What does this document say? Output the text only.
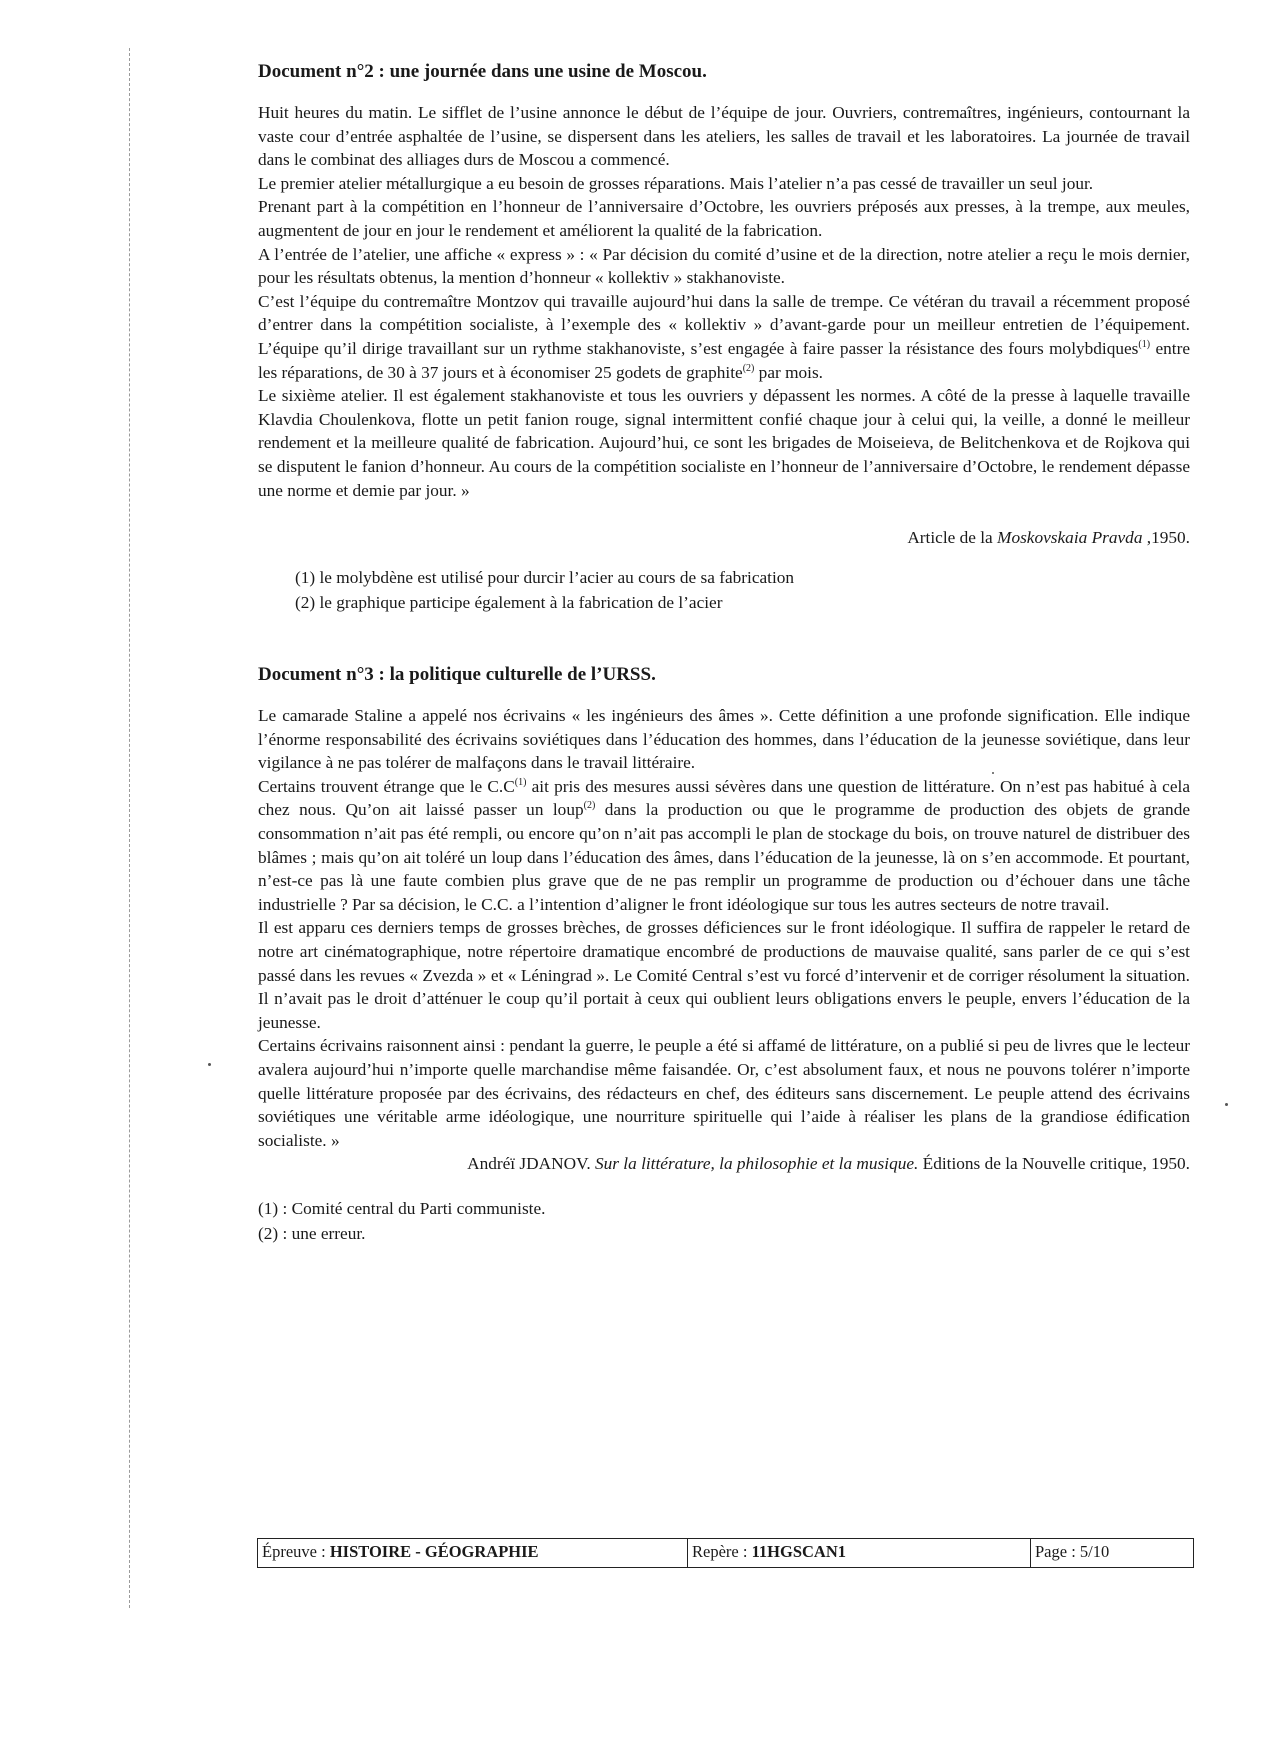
Document n°2 : une journée dans une usine de Moscou.

Huit heures du matin. Le sifflet de l’usine annonce le début de l’équipe de jour. Ouvriers, contremaîtres, ingénieurs, contournant la vaste cour d’entrée asphaltée de l’usine, se dispersent dans les ateliers, les salles de travail et les laboratoires. La journée de travail dans le combinat des alliages durs de Moscou a commencé.

Le premier atelier métallurgique a eu besoin de grosses réparations. Mais l’atelier n’a pas cessé de travailler un seul jour.

Prenant part à la compétition en l’honneur de l’anniversaire d’Octobre, les ouvriers préposés aux presses, à la trempe, aux meules, augmentent de jour en jour le rendement et améliorent la qualité de la fabrication.

A l’entrée de l’atelier, une affiche « express » : « Par décision du comité d’usine et de la direction, notre atelier a reçu le mois dernier, pour les résultats obtenus, la mention d’honneur « kollektiv » stakhanoviste.

C’est l’équipe du contremaître Montzov qui travaille aujourd’hui dans la salle de trempe. Ce vétéran du travail a récemment proposé d’entrer dans la compétition socialiste, à l’exemple des « kollektiv » d’avant-garde pour un meilleur entretien de l’équipement. L’équipe qu’il dirige travaillant sur un rythme stakhanoviste, s’est engagée à faire passer la résistance des fours molybdiques$^{(1)}$ entre les réparations, de 30 à 37 jours et à économiser 25 godets de graphite$^{(2)}$ par mois.

Le sixième atelier. Il est également stakhanoviste et tous les ouvriers y dépassent les normes. A côté de la presse à laquelle travaille Klavdia Choulenkova, flotte un petit fanion rouge, signal intermittent confié chaque jour à celui qui, la veille, a donné le meilleur rendement et la meilleure qualité de fabrication. Aujourd’hui, ce sont les brigades de Moiseieva, de Belitchenkova et de Rojkova qui se disputent le fanion d’honneur. Au cours de la compétition socialiste en l’honneur de l’anniversaire d’Octobre, le rendement dépasse une norme et demie par jour. »

Article de la Moskovskaia Pravda ,1950.

(1) le molybdène est utilisé pour durcir l’acier au cours de sa fabrication
(2) le graphique participe également à la fabrication de l’acier
Document n°3 : la politique culturelle de l’URSS.

Le camarade Staline a appelé nos écrivains « les ingénieurs des âmes ». Cette définition a une profonde signification. Elle indique l’énorme responsabilité des écrivains soviétiques dans l’éducation des hommes, dans l’éducation de la jeunesse soviétique, dans leur vigilance à ne pas tolérer de malfaçons dans le travail littéraire.

Certains trouvent étrange que le $C.C^{(1)}$ ait pris des mesures aussi sévères dans une question de littérature. On n’est pas habitué à cela chez nous. Qu’on ait laissé passer un loup$^{(2)}$ dans la production ou que le programme de production des objets de grande consommation n’ait pas été rempli, ou encore qu’on n’ait pas accompli le plan de stockage du bois, on trouve naturel de distribuer des blâmes ; mais qu’on ait toléré un loup dans l’éducation des âmes, dans l’éducation de la jeunesse, là on s’en accommode. Et pourtant, n’est-ce pas là une faute combien plus grave que de ne pas remplir un programme de production ou d’échouer dans une tâche industrielle ? Par sa décision, le C.C. a l’intention d’aligner le front idéologique sur tous les autres secteurs de notre travail.

Il est apparu ces derniers temps de grosses brèches, de grosses déficiences sur le front idéologique. Il suffira de rappeler le retard de notre art cinématographique, notre répertoire dramatique encombré de productions de mauvaise qualité, sans parler de ce qui s’est passé dans les revues « Zvezda » et « Léningrad ». Le Comité Central s’est vu forcé d’intervenir et de corriger résolument la situation. Il n’avait pas le droit d’atténuer le coup qu’il portait à ceux qui oublient leurs obligations envers le peuple, envers l’éducation de la jeunesse.

Certains écrivains raisonnent ainsi : pendant la guerre, le peuple a été si affamé de littérature, on a publié si peu de livres que le lecteur avalera aujourd’hui n’importe quelle marchandise même faisandée. Or, c’est absolument faux, et nous ne pouvons tolérer n’importe quelle littérature proposée par des écrivains, des rédacteurs en chef, des éditeurs sans discernement. Le peuple attend des écrivains soviétiques une véritable arme idéologique, une nourriture spirituelle qui l’aide à réaliser les plans de la grandiose édification socialiste. »

Andréï JDANOV. Sur la littérature, la philosophie et la musique. Éditions de la Nouvelle critique, 1950.

(1) : Comité central du Parti communiste.
(2) : une erreur.
Épreuve : HISTOIRE - GÉOGRAPHIE	Repère : 11HGSCAN1	Page : 5/10
